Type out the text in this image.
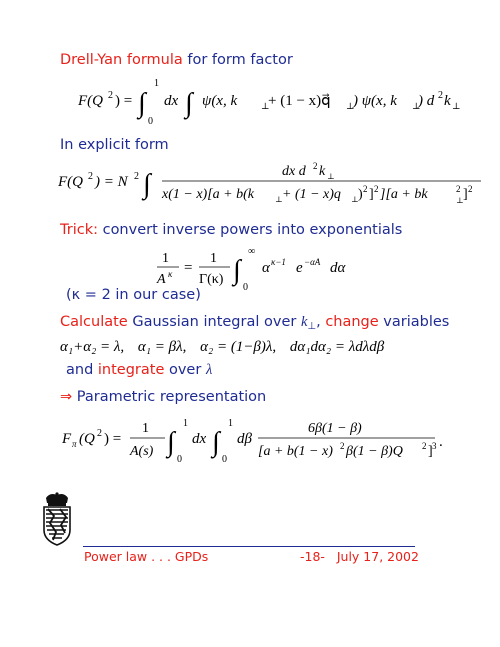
Drell-Yan formula for form factor
F(Q 2 ) = ∫
1
0
dx ∫ ψ(x, k⃗ ⊥
+ (1 − x)q⃗ ⊥
) ψ(x, k⃗ ⊥
) d 2 k ⊥
In explicit form
F(Q 2 ) = N 2 ∫	dx d 2 k ⊥
x(1 − x)[a + b(k	⊥ + (1 − x)q ⊥ ) 2 ] 2 ][a + bk	2
⊥ ] 2
Trick: convert inverse powers into exponentials
1
A κ =
1
Γ(κ) ∫
∞
0
α κ−1 e −αA dα
(κ = 2 in our case)
Calculate Gaussian integral over $k_\perp$, change variables
α₁+α₂ = λ, α₁ = βλ, α₂ = (1−β)λ, dα₁dα₂ = λdλdβ
and integrate over λ
⇒ Parametric representation
F π (Q 2 ) =
1
A(s) ∫
1
0
dx ∫
1
0
dβ
6β(1 − β)
[a + b(1 − x) 2 β(1 − β)Q 2 ] 3 .
Power law . . . GPDs	-18-   July 17, 2002
